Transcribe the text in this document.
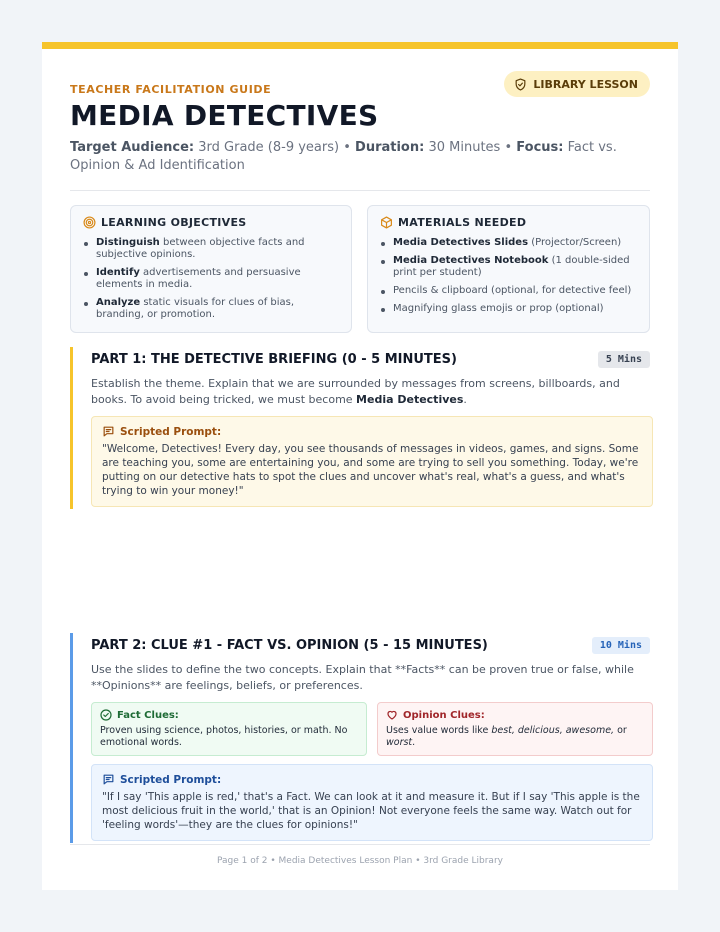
TEACHER FACILITATION GUIDE	LIBRARY LESSON
MEDIA DETECTIVES
Target Audience: 3rd Grade (8-9 years) • Duration: 30 Minutes • Focus: Fact vs. Opinion & Ad Identification
LEARNING OBJECTIVES
Distinguish between objective facts and subjective opinions.
Identify advertisements and persuasive elements in media.
Analyze static visuals for clues of bias, branding, or promotion.
MATERIALS NEEDED
Media Detectives Slides (Projector/Screen)
Media Detectives Notebook (1 double-sided print per student)
Pencils & clipboard (optional, for detective feel)
Magnifying glass emojis or prop (optional)
PART 1: THE DETECTIVE BRIEFING (0 - 5 MINUTES)	5 Mins

Establish the theme. Explain that we are surrounded by messages from screens, billboards, and books. To avoid being tricked, we must become Media Detectives.

Scripted Prompt:
"Welcome, Detectives! Every day, you see thousands of messages in videos, games, and signs. Some are teaching you, some are entertaining you, and some are trying to sell you something. Today, we're putting on our detective hats to spot the clues and uncover what's real, what's a guess, and what's trying to win your money!"
PART 2: CLUE #1 - FACT VS. OPINION (5 - 15 MINUTES)	10 Mins

Use the slides to define the two concepts. Explain that **Facts** can be proven true or false, while **Opinions** are feelings, beliefs, or preferences.

Fact Clues:
Proven using science, photos, histories, or math. No emotional words.
Opinion Clues:
Uses value words like best, delicious, awesome, or worst.
Scripted Prompt:
"If I say 'This apple is red,' that's a Fact. We can look at it and measure it. But if I say 'This apple is the most delicious fruit in the world,' that is an Opinion! Not everyone feels the same way. Watch out for 'feeling words'—they are the clues for opinions!"
Page 1 of 2 • Media Detectives Lesson Plan • 3rd Grade Library
